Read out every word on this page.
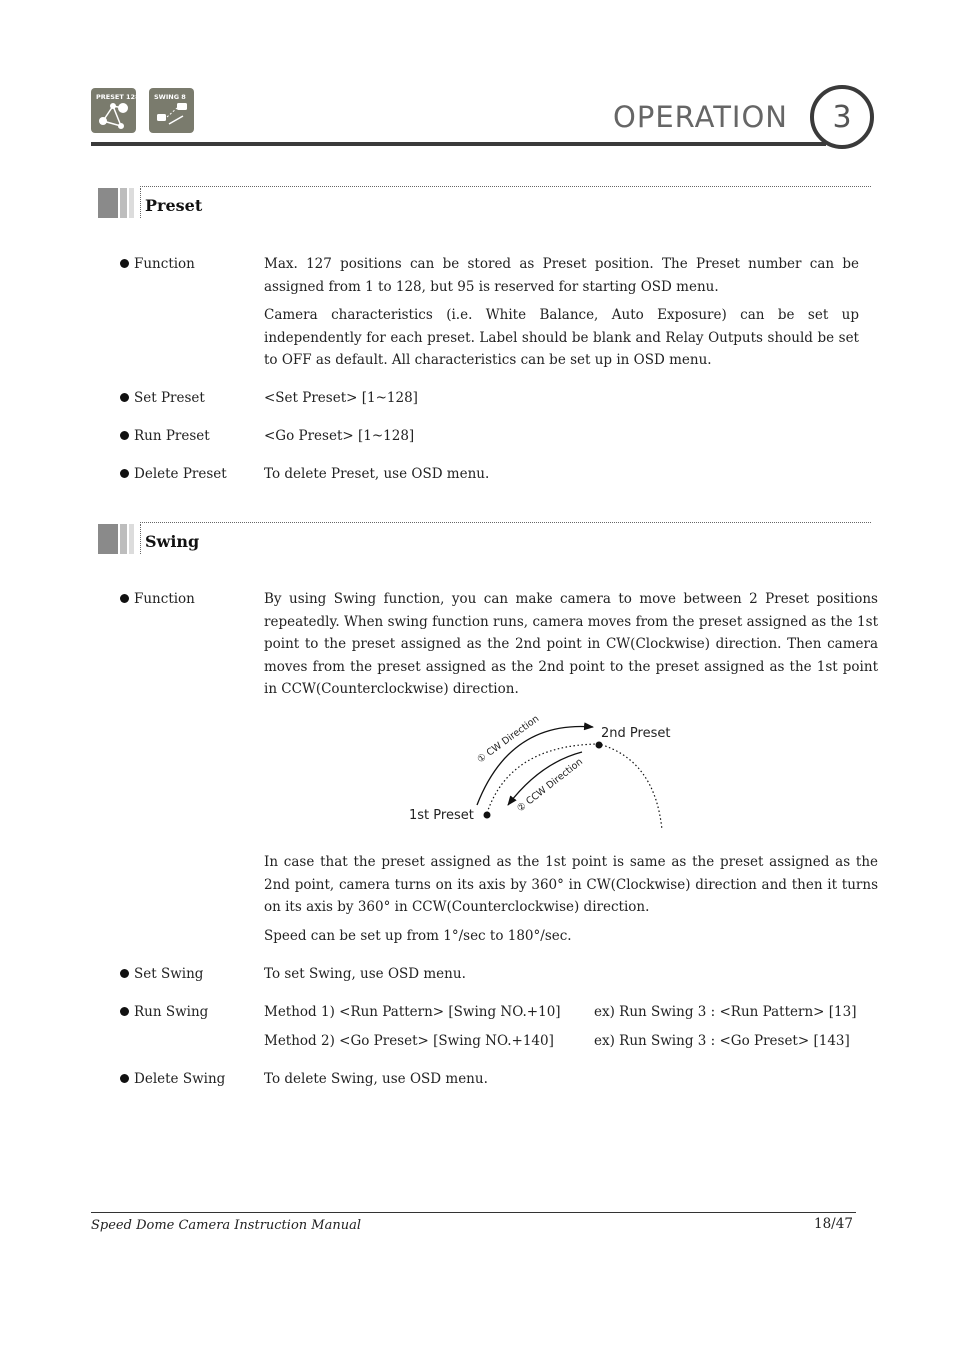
PRESET 128 SWING 8
OPERATION	3
Preset
Function	Max. 127 positions can be stored as Preset position. The Preset number can be assigned from 1 to 128, but 95 is reserved for starting OSD menu.
Camera characteristics (i.e. White Balance, Auto Exposure) can be set up independently for each preset. Label should be blank and Relay Outputs should be set to OFF as default. All characteristics can be set up in OSD menu.
Set Preset	<Set Preset> [1~128]
Run Preset	<Go Preset> [1~128]
Delete Preset	To delete Preset, use OSD menu.
Swing
Function	By using Swing function, you can make camera to move between 2 Preset positions repeatedly. When swing function runs, camera moves from the preset assigned as the 1st point to the preset assigned as the 2nd point in CW(Clockwise) direction. Then camera moves from the preset assigned as the 2nd point to the preset assigned as the 1st point in CCW(Counterclockwise) direction.
① CW Direction
② CCW Direction
1st Preset
2nd Preset
In case that the preset assigned as the 1st point is same as the preset assigned as the 2nd point, camera turns on its axis by 360° in CW(Clockwise) direction and then it turns on its axis by 360° in CCW(Counterclockwise) direction.
Speed can be set up from 1°/sec to 180°/sec.
Set Swing	To set Swing, use OSD menu.
Run Swing	Method 1) <Run Pattern> [Swing NO.+10] ex) Run Swing 3 : <Run Pattern> [13]
Method 2) <Go Preset> [Swing NO.+140]	ex) Run Swing 3 : <Go Preset> [143]
Delete Swing	To delete Swing, use OSD menu.
Speed Dome Camera Instruction Manual	18/47
